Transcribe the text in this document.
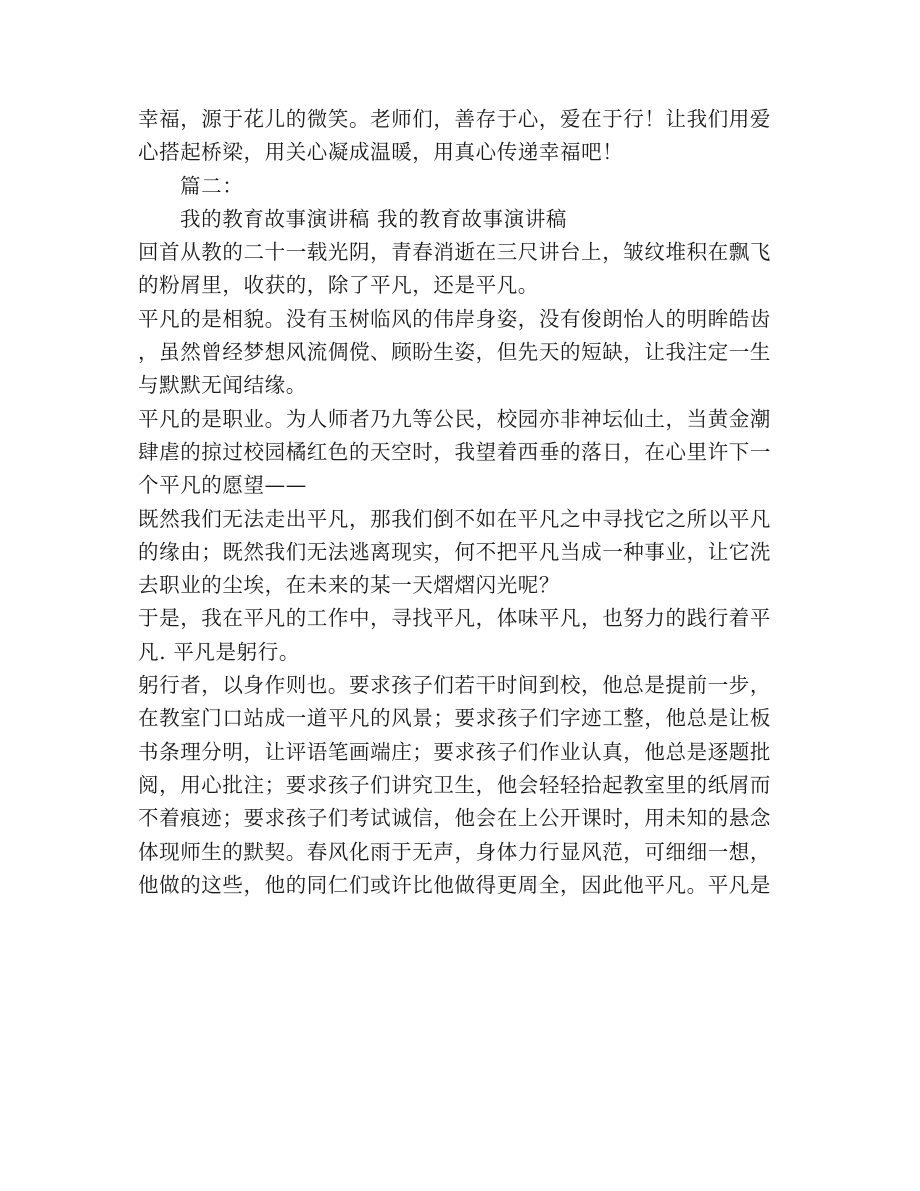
幸福，源于花儿的微笑。老师们，善存于心，爱在于行！让我们用爱
心搭起桥梁，用关心凝成温暖，用真心传递幸福吧！
篇二：
我的教育故事演讲稿 我的教育故事演讲稿
回首从教的二十一载光阴，青春消逝在三尺讲台上，皱纹堆积在飘飞
的粉屑里，收获的，除了平凡，还是平凡。
平凡的是相貌。没有玉树临风的伟岸身姿，没有俊朗怡人的明眸皓齿
，虽然曾经梦想风流倜傥、顾盼生姿，但先天的短缺，让我注定一生
与默默无闻结缘。
平凡的是职业。为人师者乃九等公民，校园亦非神坛仙土，当黄金潮
肆虐的掠过校园橘红色的天空时，我望着西垂的落日，在心里许下一
个平凡的愿望——
既然我们无法走出平凡，那我们倒不如在平凡之中寻找它之所以平凡
的缘由；既然我们无法逃离现实，何不把平凡当成一种事业，让它洗
去职业的尘埃，在未来的某一天熠熠闪光呢？
于是，我在平凡的工作中，寻找平凡，体味平凡，也努力的践行着平
凡. 平凡是躬行。
躬行者，以身作则也。要求孩子们若干时间到校，他总是提前一步，
在教室门口站成一道平凡的风景；要求孩子们字迹工整，他总是让板
书条理分明，让评语笔画端庄；要求孩子们作业认真，他总是逐题批
阅，用心批注；要求孩子们讲究卫生，他会轻轻拾起教室里的纸屑而
不着痕迹；要求孩子们考试诚信，他会在上公开课时，用未知的悬念
体现师生的默契。春风化雨于无声，身体力行显风范，可细细一想，
他做的这些，他的同仁们或许比他做得更周全，因此他平凡。平凡是
